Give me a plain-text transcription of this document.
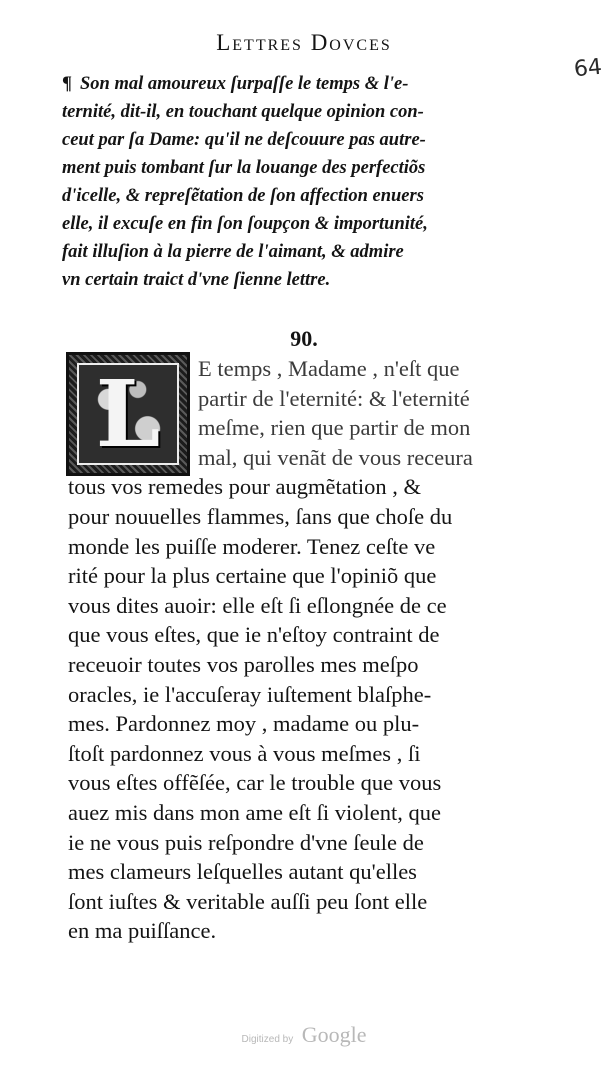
Lettres Dovces
64
¶ Son mal amoureux ſurpaſſe le temps & l'e-
ternité, dit-il, en touchant quelque opinion con-
ceut par ſa Dame: qu'il ne deſcouure pas autre-
ment puis tombant ſur la louange des perfectiõs
d'icelle, & repreſẽtation de ſon affection enuers
elle, il excuſe en fin ſon ſoupçon & importunité,
fait illuſion à la pierre de l'aimant, & admire
vn certain traict d'vne ſienne lettre.
90.
L	E temps , Madame , n'eſt que
partir de l'eternité: & l'eternité
meſme, rien que partir de mon
mal, qui venãt de vous receura
tous vos remedes pour augmẽtation , &
pour nouuelles flammes, ſans que choſe du
monde les puiſſe moderer. Tenez ceſte ve
rité pour la plus certaine que l'opiniõ que
vous dites auoir: elle eſt ſi eſlongnée de ce
que vous eſtes, que ie n'eſtoy contraint de
receuoir toutes vos parolles mes meſpo
oracles, ie l'accuſeray iuſtement blaſphe-
mes. Pardonnez moy , madame ou plu-
ſtoſt pardonnez vous à vous meſmes , ſi
vous eſtes offẽſée, car le trouble que vous
auez mis dans mon ame eſt ſi violent, que
ie ne vous puis reſpondre d'vne ſeule de
mes clameurs leſquelles autant qu'elles
ſont iuſtes & veritable auſſi peu ſont elle
en ma puiſſance.
Digitized by Google
